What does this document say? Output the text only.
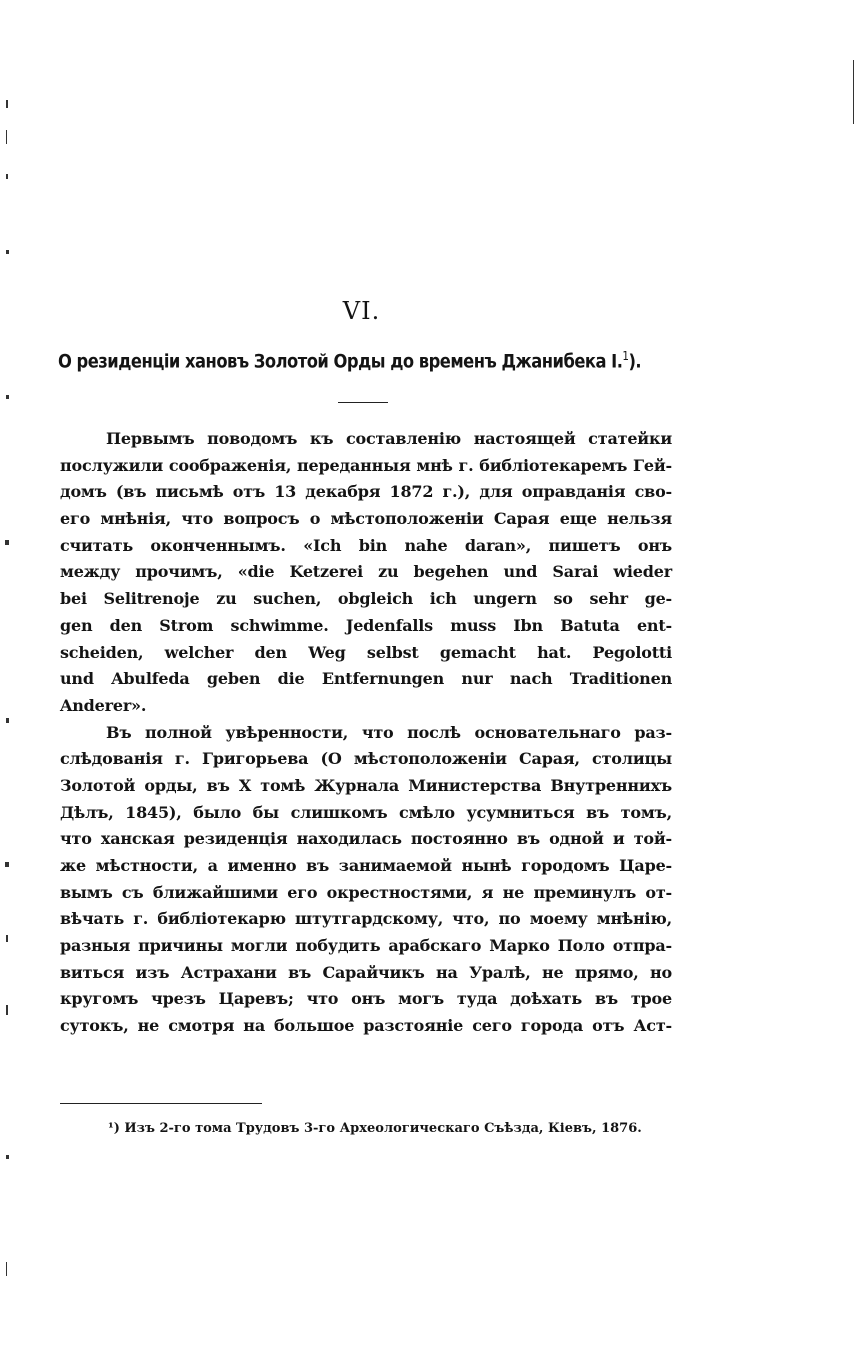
VI.
О резиденціи хановъ Золотой Орды до временъ Джанибека I.$^1$).
Первымъ поводомъ къ составленію настоящей статейки
послужили соображенія, переданныя мнѣ г. библіотекаремъ Гей-
домъ (въ письмѣ отъ 13 декабря 1872 г.), для оправданія сво-
его мнѣнія, что вопросъ о мѣстоположеніи Сарая еще нельзя
считать оконченнымъ. «Ich bin nahe daran», пишетъ онъ
между прочимъ, «die Ketzerei zu begehen und Sarai wieder
bei Selitrenoje zu suchen, obgleich ich ungern so sehr ge-
gen den Strom schwimme. Jedenfalls muss Ibn Batuta ent-
scheiden, welcher den Weg selbst gemacht hat. Pegolotti
und Abulfeda geben die Entfernungen nur nach Traditionen
Anderer».
Въ полной увѣренности, что послѣ основательнаго раз-
слѣдованія г. Григорьева (О мѣстоположеніи Сарая, столицы
Золотой орды, въ X томѣ Журнала Министерства Внутреннихъ
Дѣлъ, 1845), было бы слишкомъ смѣло усумниться въ томъ,
что ханская резиденція находилась постоянно въ одной и той-
же мѣстности, а именно въ занимаемой нынѣ городомъ Царе-
вымъ съ ближайшими его окрестностями, я не преминулъ от-
вѣчать г. библіотекарю штутгардскому, что, по моему мнѣнію,
разныя причины могли побудить арабскаго Марко Поло отпра-
виться изъ Астрахани въ Сарайчикъ на Уралѣ, не прямо, но
кругомъ чрезъ Царевъ; что онъ могъ туда доѣхать въ трое
сутокъ, не смотря на большое разстояніе сего города отъ Аст-
¹) Изъ 2-го тома Трудовъ 3-го Археологическаго Съѣзда, Кіевъ, 1876.
